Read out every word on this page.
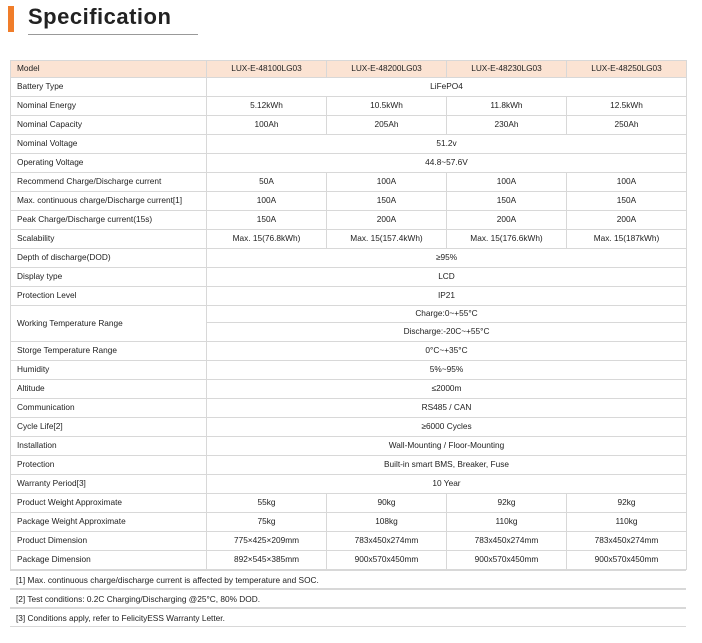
Specification
Model	LUX-E-48100LG03	LUX-E-48200LG03	LUX-E-48230LG03	LUX-E-48250LG03
Battery Type	LiFePO4			
Nominal Energy	5.12kWh	10.5kWh	11.8kWh	12.5kWh
Nominal Capacity	100Ah	205Ah	230Ah	250Ah
Nominal Voltage	51.2v			
Operating Voltage	44.8~57.6V			
Recommend Charge/Discharge current	50A	100A	100A	100A
Max. continuous charge/Discharge current[1]	100A	150A	150A	150A
Peak Charge/Discharge current(15s)	150A	200A	200A	200A
Scalability	Max. 15(76.8kWh)	Max. 15(157.4kWh)	Max. 15(176.6kWh)	Max. 15(187kWh)
Depth of discharge(DOD)	≥95%			
Display type	LCD			
Protection Level	IP21			
Working Temperature Range	Charge:0~+55°C			
	Discharge:-20C~+55°C			
Storge Temperature Range	0°C~+35°C			
Humidity	5%~95%			
Altitude	≤2000m			
Communication	RS485 / CAN			
Cycle Life[2]	≥6000 Cycles			
Installation	Wall-Mounting / Floor-Mounting			
Protection	Built-in smart BMS, Breaker, Fuse			
Warranty Period[3]	10 Year			
Product Weight Approximate	55kg	90kg	92kg	92kg
Package Weight Approximate	75kg	108kg	110kg	110kg
Product Dimension	775×425×209mm	783x450x274mm	783x450x274mm	783x450x274mm
Package Dimension	892×545×385mm	900x570x450mm	900x570x450mm	900x570x450mm
[1] Max. continuous charge/discharge current is affected by temperature and SOC.
[2] Test conditions: 0.2C Charging/Discharging @25°C, 80% DOD.
[3] Conditions apply, refer to FelicityESS Warranty Letter.
